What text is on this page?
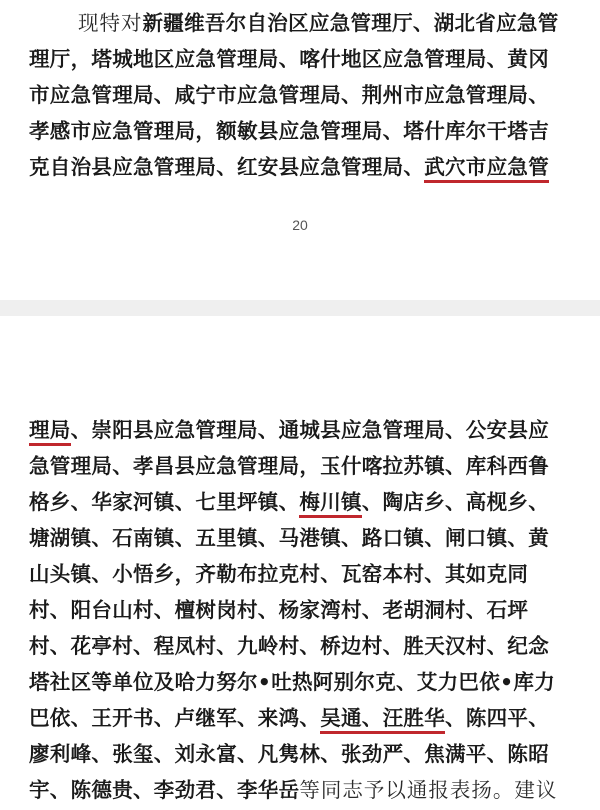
现特对新疆维吾尔自治区应急管理厅、湖北省应急管
理厅，塔城地区应急管理局、喀什地区应急管理局、黄冈
市应急管理局、咸宁市应急管理局、荆州市应急管理局、
孝感市应急管理局，额敏县应急管理局、塔什库尔干塔吉
克自治县应急管理局、红安县应急管理局、武穴市应急管
20
理局、崇阳县应急管理局、通城县应急管理局、公安县应
急管理局、孝昌县应急管理局，玉什喀拉苏镇、库科西鲁
格乡、华家河镇、七里坪镇、梅川镇、陶店乡、高枧乡、
塘湖镇、石南镇、五里镇、马港镇、路口镇、闸口镇、黄
山头镇、小悟乡，齐勒布拉克村、瓦窑本村、其如克同
村、阳台山村、檀树岗村、杨家湾村、老胡洞村、石坪
村、花亭村、程凤村、九岭村、桥边村、胜天汉村、纪念
塔社区等单位及哈力努尔•吐热阿别尔克、艾力巴依•库力
巴依、王开书、卢继军、来鸿、吴通、汪胜华、陈四平、
廖利峰、张玺、刘永富、凡隽林、张劲严、焦满平、陈昭
宇、陈德贵、李劲君、李华岳等同志予以通报表扬。建议
